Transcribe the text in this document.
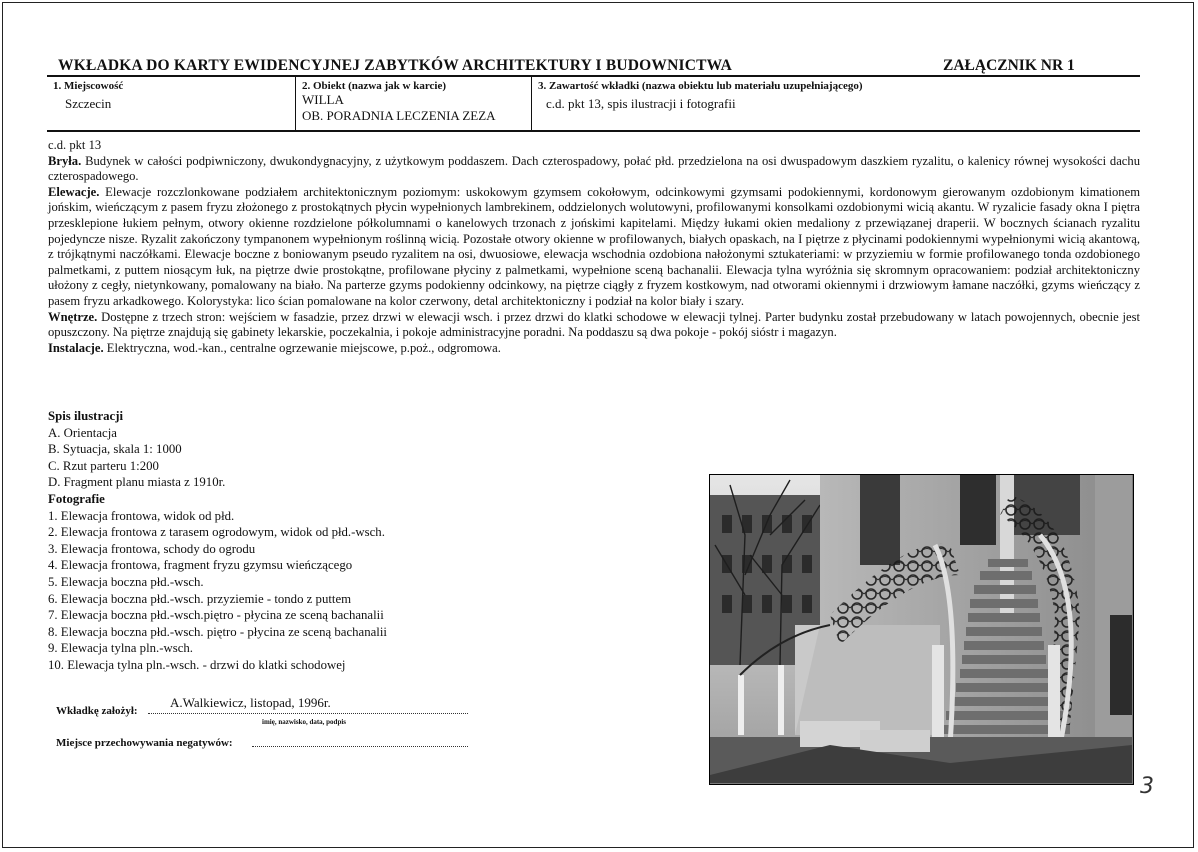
WKŁADKA DO KARTY EWIDENCYJNEJ ZABYTKÓW ARCHITEKTURY I BUDOWNICTWA	ZAŁĄCZNIK NR 1
1. Miejscowość
Szczecin
2. Obiekt (nazwa jak w karcie)
WILLA
OB. PORADNIA LECZENIA ZEZA
3. Zawartość wkładki (nazwa obiektu lub materiału uzupełniającego)
c.d. pkt 13, spis ilustracji i fotografii

c.d. pkt 13

Bryła. Budynek w całości podpiwniczony, dwukondygnacyjny, z użytkowym poddaszem. Dach czterospadowy, połać płd. przedzielona na osi dwuspadowym daszkiem ryzalitu, o kalenicy równej wysokości dachu czterospadowego.

Elewacje. Elewacje rozczlonkowane podziałem architektonicznym poziomym: uskokowym gzymsem cokołowym, odcinkowymi gzymsami podokiennymi, kordonowym gierowanym ozdobionym kimationem jońskim, wieńczącym z pasem fryzu złożonego z prostokątnych płycin wypełnionych lambrekinem, oddzielonych wolutowyni, profilowanymi konsolkami ozdobionymi wicią akantu. W ryzalicie fasady okna I piętra przesklepione łukiem pełnym, otwory okienne rozdzielone półkolumnami o kanelowych trzonach z jońskimi kapitelami. Między łukami okien medaliony z przewiązanej draperii. W bocznych ścianach ryzalitu pojedyncze nisze. Ryzalit zakończony tympanonem wypełnionym roślinną wicią. Pozostałe otwory okienne w profilowanych, białych opaskach, na I piętrze z płycinami podokiennymi wypełnionymi wicią akantową, z trójkątnymi naczółkami. Elewacje boczne z boniowanym pseudo ryzalitem na osi, dwuosiowe, elewacja wschodnia ozdobiona nałożonymi sztukateriami: w przyziemiu w formie profilowanego tonda ozdobionego palmetkami, z puttem niosącym łuk, na piętrze dwie prostokątne, profilowane płyciny z palmetkami, wypełnione sceną bachanalii. Elewacja tylna wyróżnia się skromnym opracowaniem: podział architektoniczny ułożony z cegły, nietynkowany, pomalowany na biało. Na parterze gzyms podokienny odcinkowy, na piętrze ciągły z fryzem kostkowym, nad otworami okiennymi i drzwiowym łamane naczółki, gzyms wieńczący z pasem fryzu arkadkowego. Kolorystyka: lico ścian pomalowane na kolor czerwony, detal architektoniczny i podział na kolor biały i szary.

Wnętrze. Dostępne z trzech stron: wejściem w fasadzie, przez drzwi w elewacji wsch. i przez drzwi do klatki schodowe w elewacji tylnej. Parter budynku został przebudowany w latach powojennych, obecnie jest opuszczony. Na piętrze znajdują się gabinety lekarskie, poczekalnia, i pokoje administracyjne poradni. Na poddaszu są dwa pokoje - pokój sióstr i magazyn.

Instalacje. Elektryczna, wod.-kan., centralne ogrzewanie miejscowe, p.poż., odgromowa.

Spis ilustracji
A. Orientacja
B. Sytuacja, skala 1: 1000
C. Rzut parteru 1:200
D. Fragment planu miasta z 1910r.
Fotografie
1. Elewacja frontowa, widok od płd.
2. Elewacja frontowa z tarasem ogrodowym, widok od płd.-wsch.
3. Elewacja frontowa, schody do ogrodu
4. Elewacja frontowa, fragment fryzu gzymsu wieńczącego
5. Elewacja boczna płd.-wsch.
6. Elewacja boczna płd.-wsch. przyziemie - tondo z puttem
7. Elewacja boczna płd.-wsch.piętro - płycina ze sceną bachanalii
8. Elewacja boczna płd.-wsch. piętro - płycina ze sceną bachanalii
9. Elewacja tylna pln.-wsch.
10. Elewacja tylna pln.-wsch. - drzwi do klatki schodowej
Wkładkę założył:
A.Walkiewicz, listopad, 1996r.
imię, nazwisko, data, podpis
Miejsce przechowywania negatywów:
3
